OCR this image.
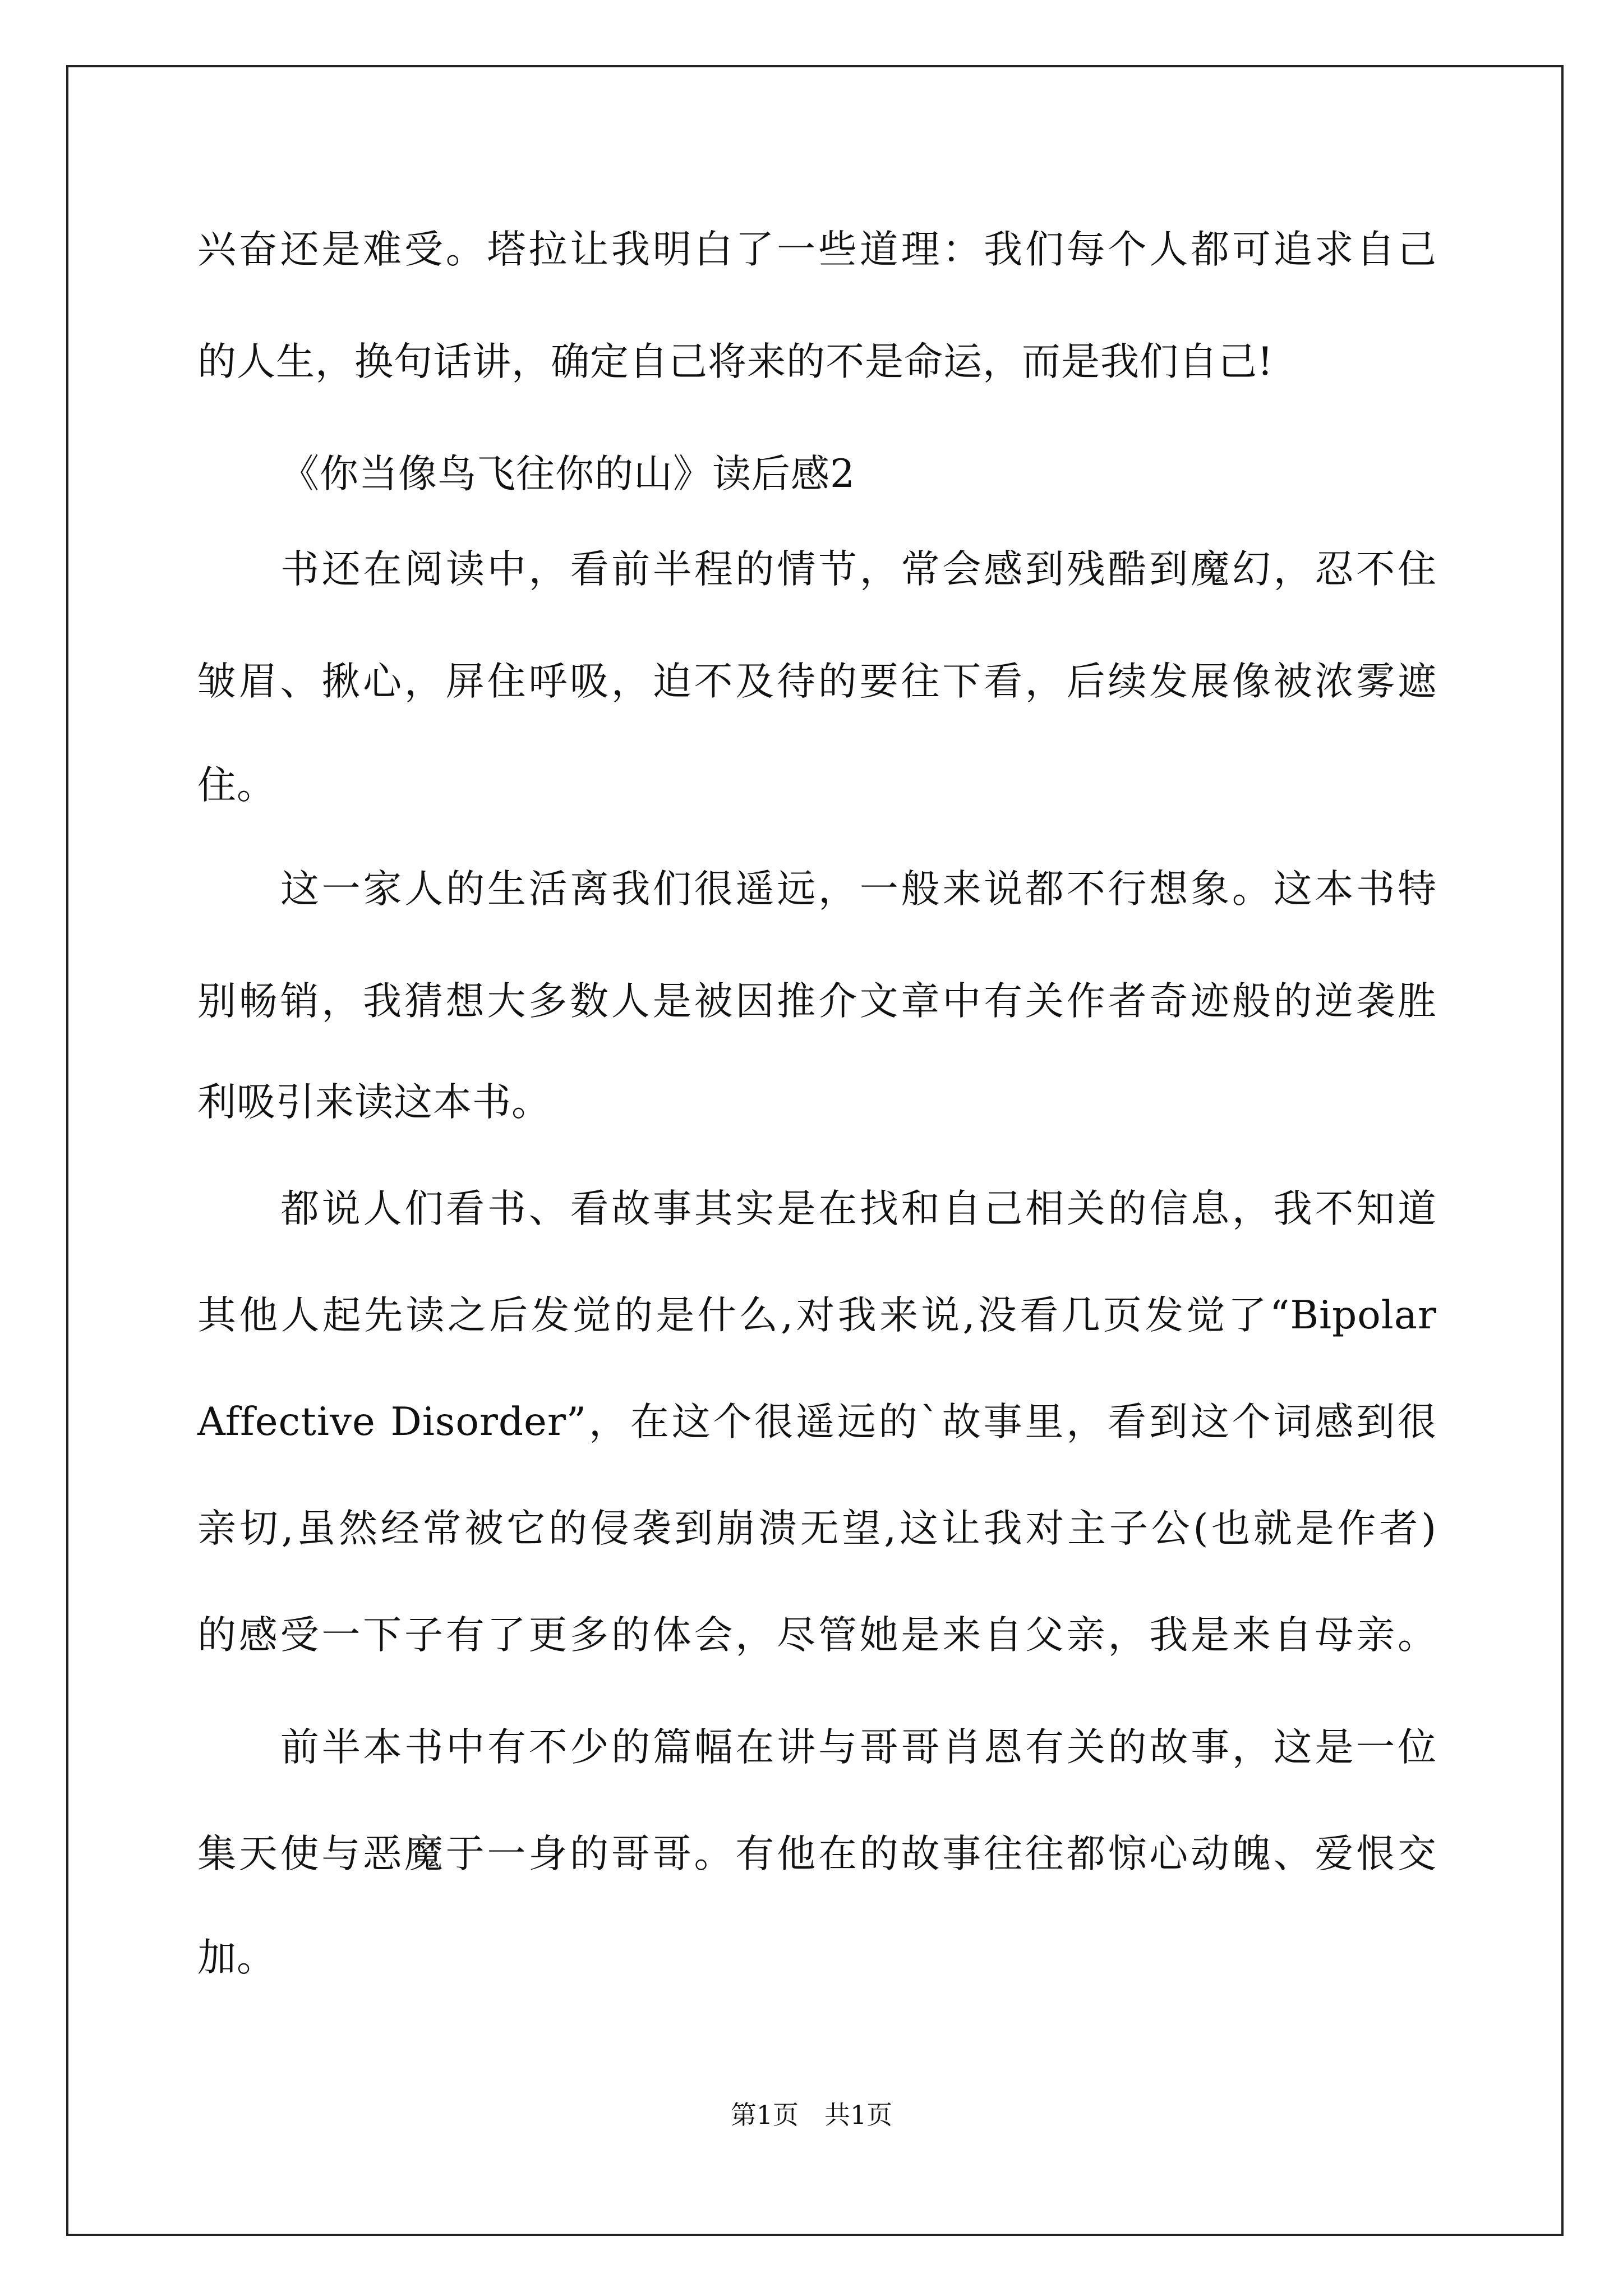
兴奋还是难受。塔拉让我明白了一些道理：我们每个人都可追求自己
的人生，换句话讲，确定自己将来的不是命运，而是我们自己!
《你当像鸟飞往你的山》读后感2
书还在阅读中，看前半程的情节，常会感到残酷到魔幻，忍不住
皱眉、揪心，屏住呼吸，迫不及待的要往下看，后续发展像被浓雾遮
住。
这一家人的生活离我们很遥远，一般来说都不行想象。这本书特
别畅销，我猜想大多数人是被因推介文章中有关作者奇迹般的逆袭胜
利吸引来读这本书。
都说人们看书、看故事其实是在找和自己相关的信息，我不知道
其他人起先读之后发觉的是什么,对我来说,没看几页发觉了“Bipolar
Affective Disorder”，在这个很遥远的`故事里，看到这个词感到很
亲切,虽然经常被它的侵袭到崩溃无望,这让我对主子公(也就是作者)
的感受一下子有了更多的体会，尽管她是来自父亲，我是来自母亲。
前半本书中有不少的篇幅在讲与哥哥肖恩有关的故事，这是一位
集天使与恶魔于一身的哥哥。有他在的故事往往都惊心动魄、爱恨交
加。
第1页　共1页
